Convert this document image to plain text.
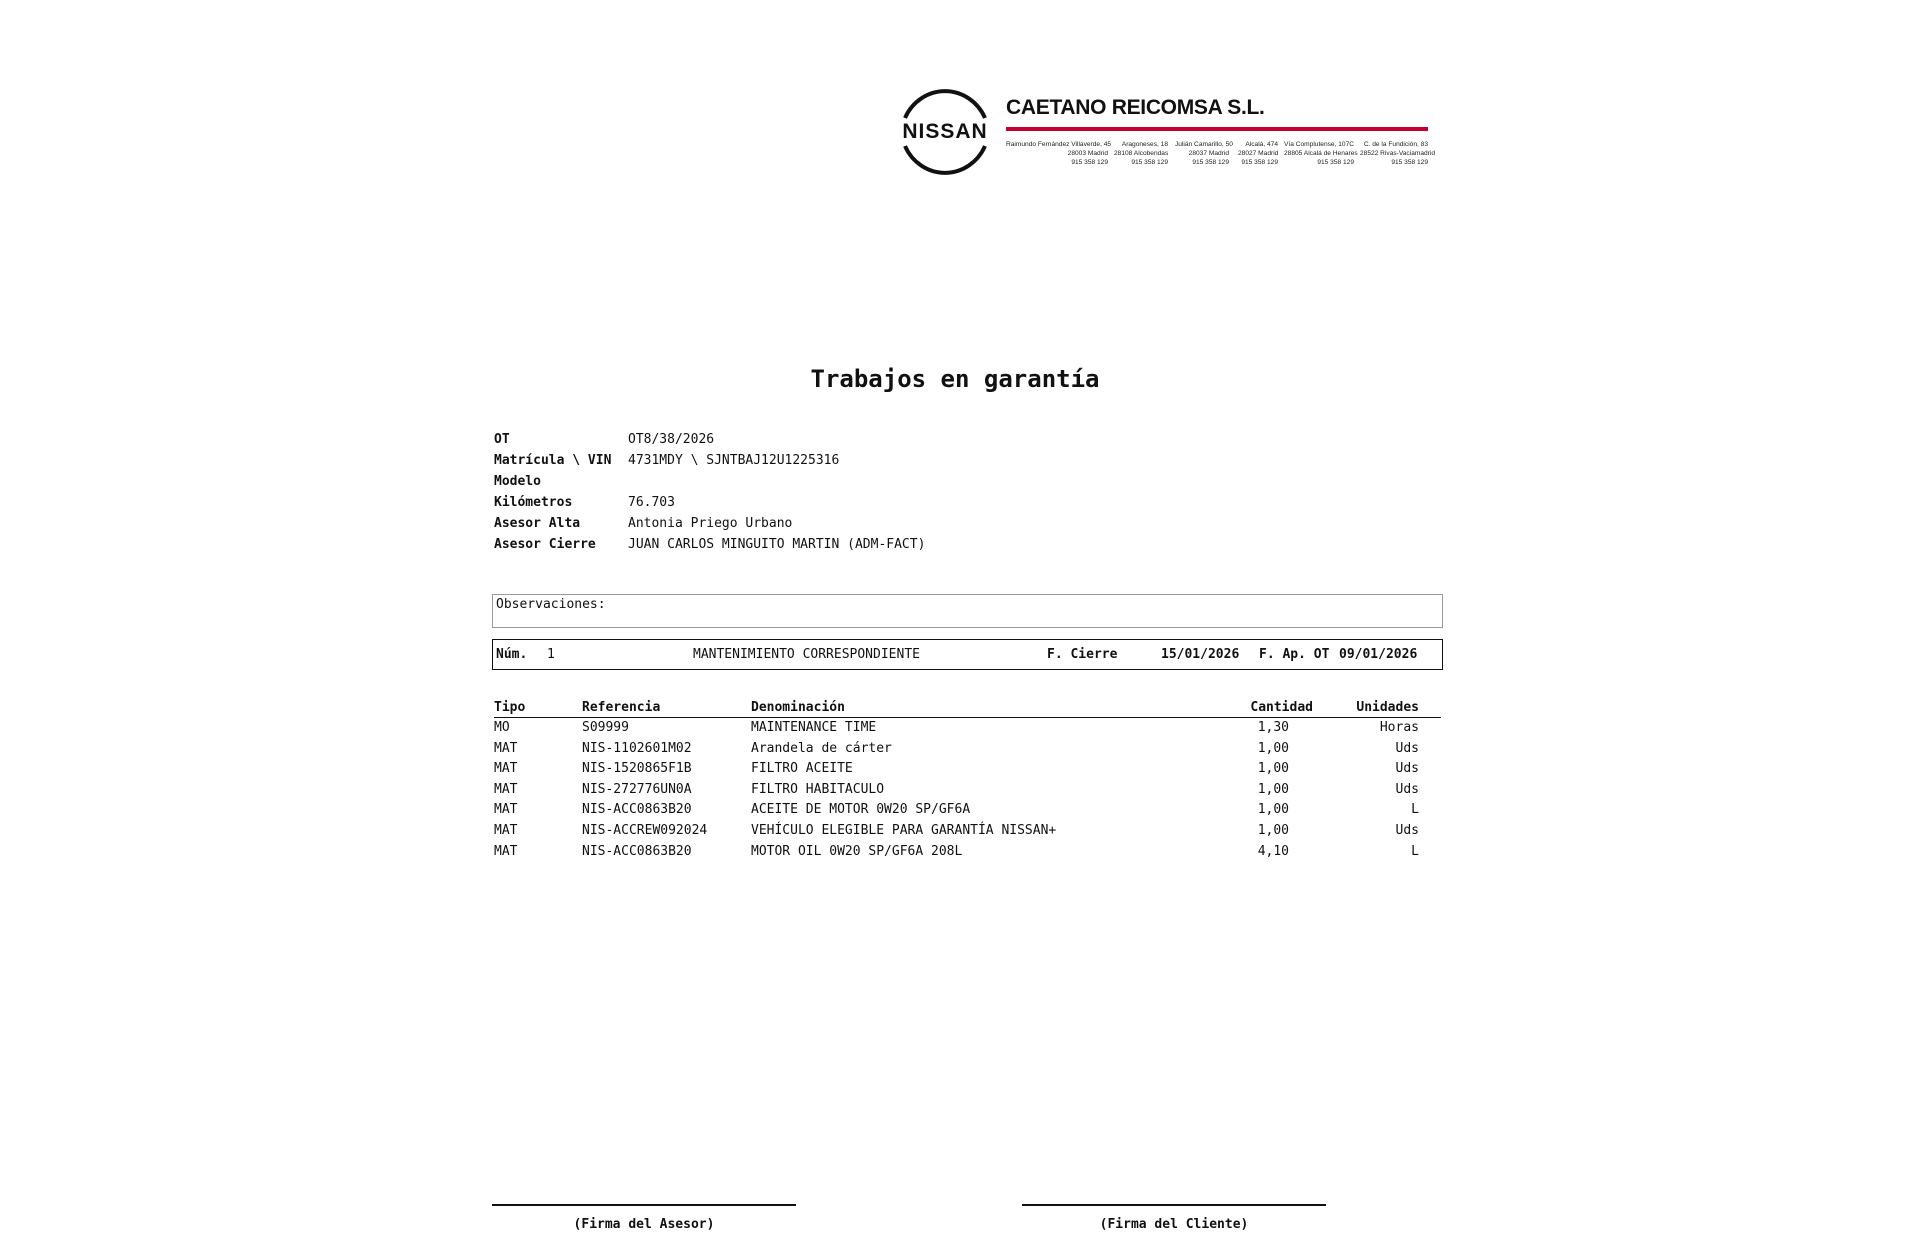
NISSAN
CAETANO REICOMSA S.L.
Raimundo Fernández Villaverde, 45
28003 Madrid
915 358 129
Aragoneses, 18
28108 Alcobendas
915 358 129
Julián Camarillo, 50
28037 Madrid
915 358 129
Alcalá, 474
28027 Madrid
915 358 129
Vía Complutense, 107C
28805 Alcalá de Henares
915 358 129
C. de la Fundición, 83
28522 Rivas-Vaciamadrid
915 358 129
Trabajos en garantía
OT	OT8/38/2026
Matrícula \ VIN	4731MDY \ SJNTBAJ12U1225316
Modelo
Kilómetros	76.703
Asesor Alta	Antonia Priego Urbano
Asesor Cierre	JUAN CARLOS MINGUITO MARTIN (ADM-FACT)
Observaciones:
Núm. 1	MANTENIMIENTO CORRESPONDIENTE	F. Cierre	15/01/2026 F. Ap. OT 09/01/2026
Tipo	Referencia	Denominación	Cantidad	Unidades
MO	S09999	MAINTENANCE TIME	1,30	Horas
MAT	NIS-1102601M02	Arandela de cárter	1,00	Uds
MAT	NIS-1520865F1B	FILTRO ACEITE	1,00	Uds
MAT	NIS-272776UN0A	FILTRO HABITACULO	1,00	Uds
MAT	NIS-ACC0863B20	ACEITE DE MOTOR 0W20 SP/GF6A	1,00	L
MAT	NIS-ACCREW092024	VEHÍCULO ELEGIBLE PARA GARANTÍA NISSAN+	1,00	Uds
MAT	NIS-ACC0863B20	MOTOR OIL 0W20 SP/GF6A 208L	4,10	L
(Firma del Asesor)	(Firma del Cliente)
